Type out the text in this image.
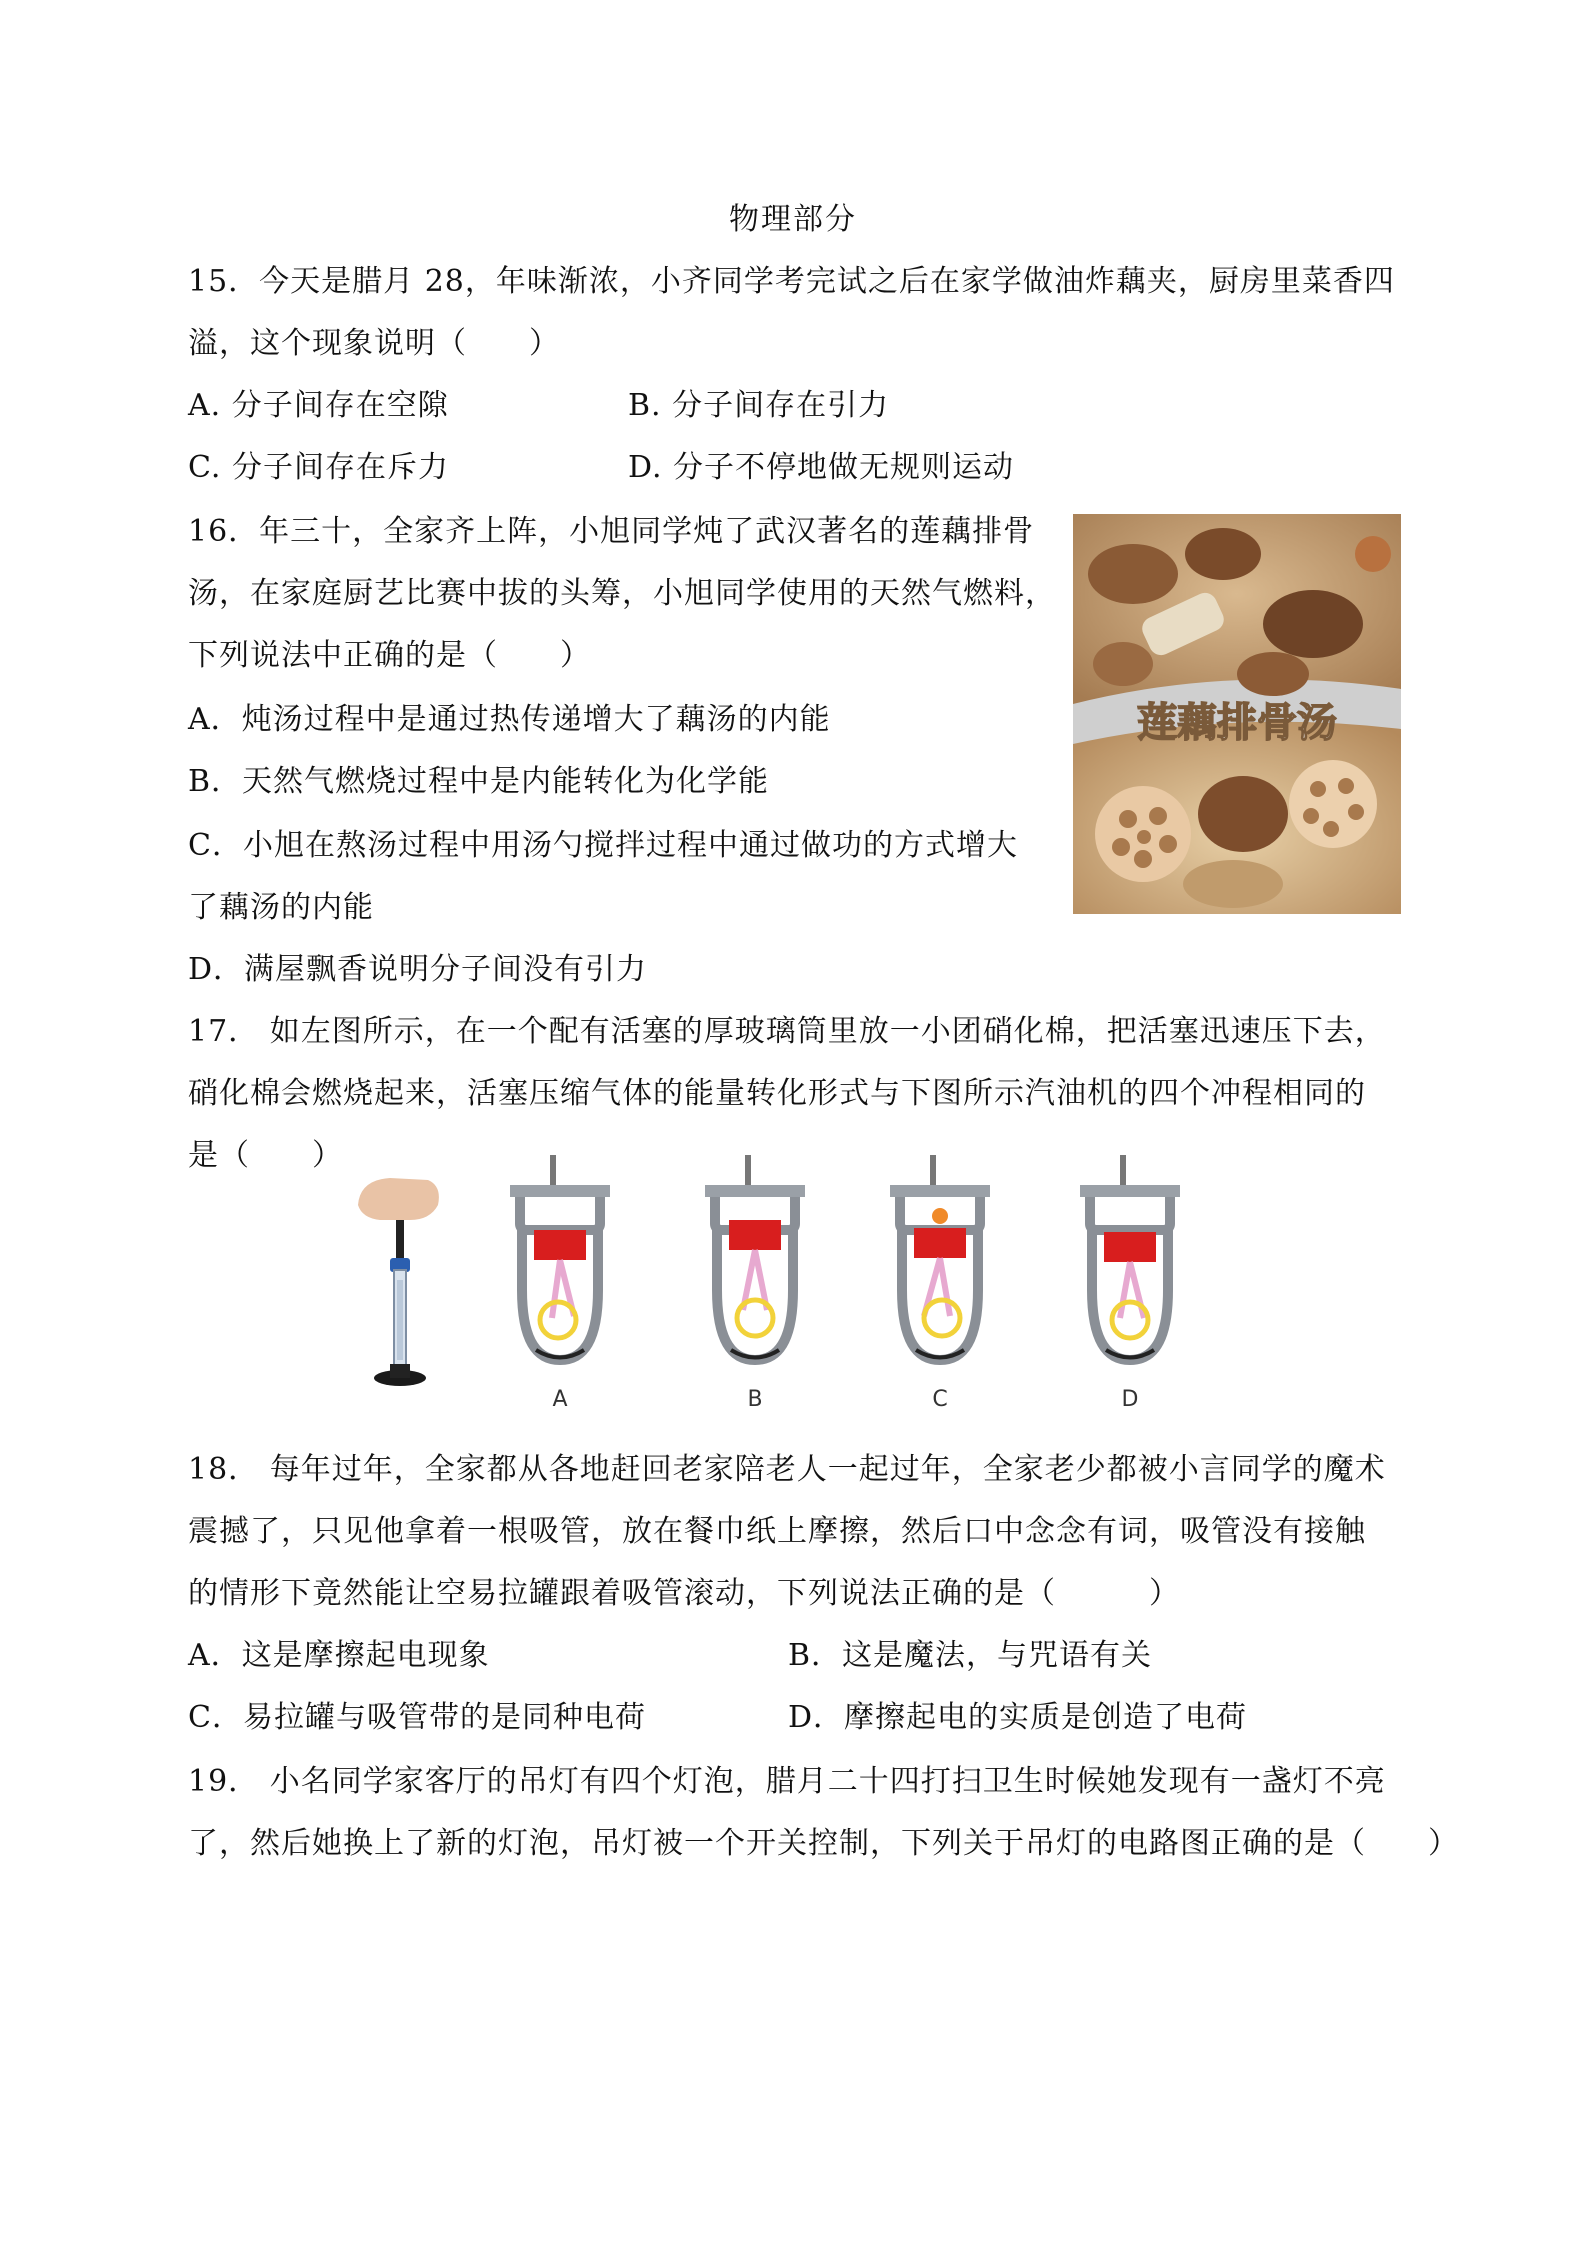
物理部分
15．今天是腊月 28，年味渐浓，小齐同学考完试之后在家学做油炸藕夹，厨房里菜香四
溢，这个现象说明（　　）
A. 分子间存在空隙	B. 分子间存在引力
C. 分子间存在斥力	D. 分子不停地做无规则运动
16．年三十，全家齐上阵，小旭同学炖了武汉著名的莲藕排骨
汤，在家庭厨艺比赛中拔的头筹，小旭同学使用的天然气燃料，
下列说法中正确的是（　　）
A．炖汤过程中是通过热传递增大了藕汤的内能
B．天然气燃烧过程中是内能转化为化学能
C．小旭在熬汤过程中用汤勺搅拌过程中通过做功的方式增大
了藕汤的内能
D．满屋飘香说明分子间没有引力
莲藕排骨汤
17． 如左图所示，在一个配有活塞的厚玻璃筒里放一小团硝化棉，把活塞迅速压下去，
硝化棉会燃烧起来，活塞压缩气体的能量转化形式与下图所示汽油机的四个冲程相同的
是（　　）
A	B	C	D
18． 每年过年，全家都从各地赶回老家陪老人一起过年，全家老少都被小言同学的魔术
震撼了，只见他拿着一根吸管，放在餐巾纸上摩擦，然后口中念念有词，吸管没有接触
的情形下竟然能让空易拉罐跟着吸管滚动，下列说法正确的是（　　　）
A．这是摩擦起电现象	B．这是魔法，与咒语有关
C．易拉罐与吸管带的是同种电荷	D．摩擦起电的实质是创造了电荷
19． 小名同学家客厅的吊灯有四个灯泡，腊月二十四打扫卫生时候她发现有一盏灯不亮
了，然后她换上了新的灯泡，吊灯被一个开关控制，下列关于吊灯的电路图正确的是（　　）
